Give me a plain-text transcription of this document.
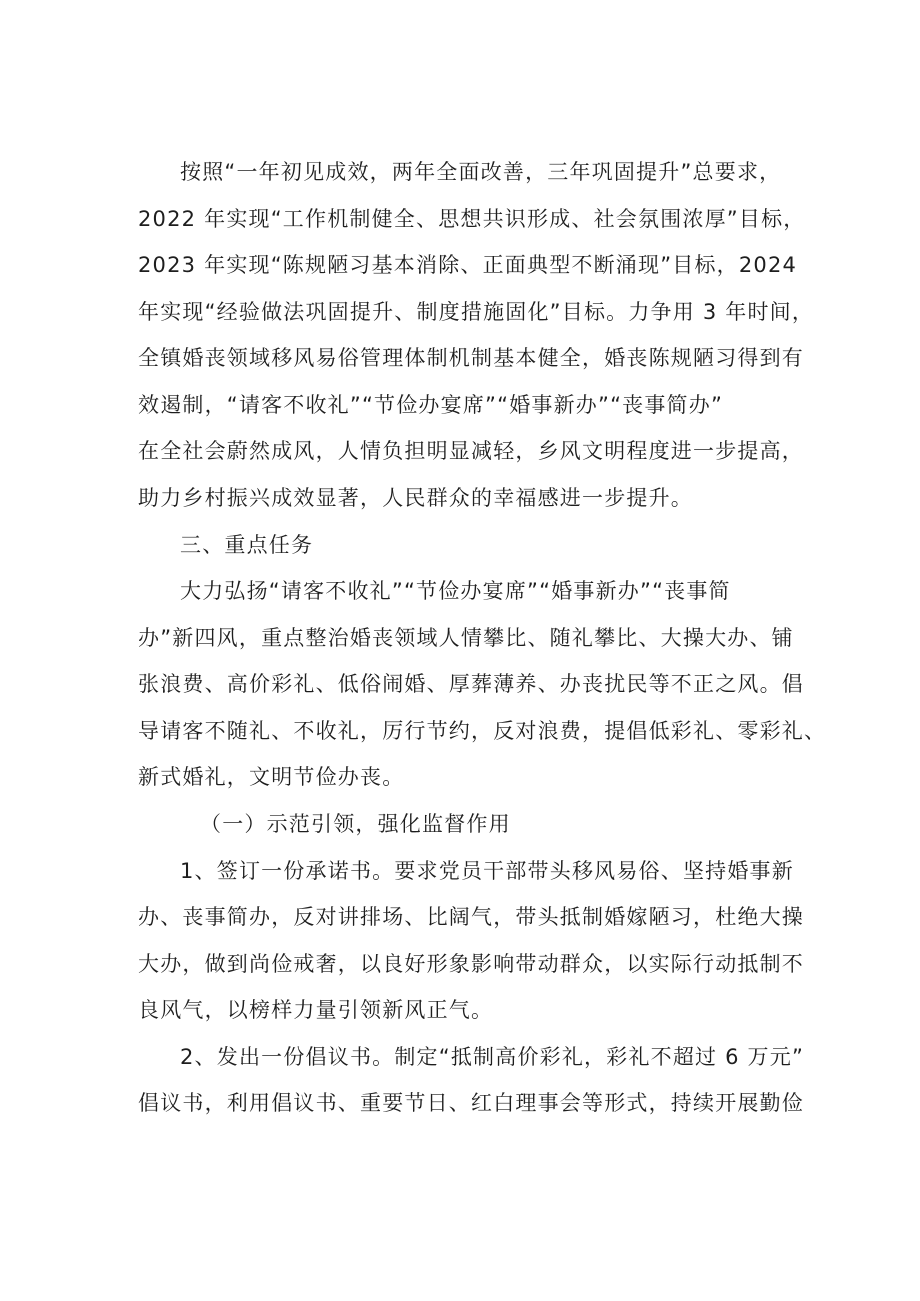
按照“一年初见成效，两年全面改善，三年巩固提升”总要求，
2022 年实现“工作机制健全、思想共识形成、社会氛围浓厚”目标，
2023 年实现“陈规陋习基本消除、正面典型不断涌现”目标，2024
年实现“经验做法巩固提升、制度措施固化”目标。力争用 3 年时间，
全镇婚丧领域移风易俗管理体制机制基本健全，婚丧陈规陋习得到有
效遏制，“请客不收礼”“节俭办宴席”“婚事新办”“丧事简办”
在全社会蔚然成风，人情负担明显减轻，乡风文明程度进一步提高，
助力乡村振兴成效显著，人民群众的幸福感进一步提升。
三、重点任务
大力弘扬“请客不收礼”“节俭办宴席”“婚事新办”“丧事简
办”新四风，重点整治婚丧领域人情攀比、随礼攀比、大操大办、铺
张浪费、高价彩礼、低俗闹婚、厚葬薄养、办丧扰民等不正之风。倡
导请客不随礼、不收礼，厉行节约，反对浪费，提倡低彩礼、零彩礼、
新式婚礼，文明节俭办丧。
（一）示范引领，强化监督作用
1、签订一份承诺书。要求党员干部带头移风易俗、坚持婚事新
办、丧事简办，反对讲排场、比阔气，带头抵制婚嫁陋习，杜绝大操
大办，做到尚俭戒奢，以良好形象影响带动群众，以实际行动抵制不
良风气，以榜样力量引领新风正气。
2、发出一份倡议书。制定“抵制高价彩礼，彩礼不超过 6 万元”
倡议书，利用倡议书、重要节日、红白理事会等形式，持续开展勤俭
